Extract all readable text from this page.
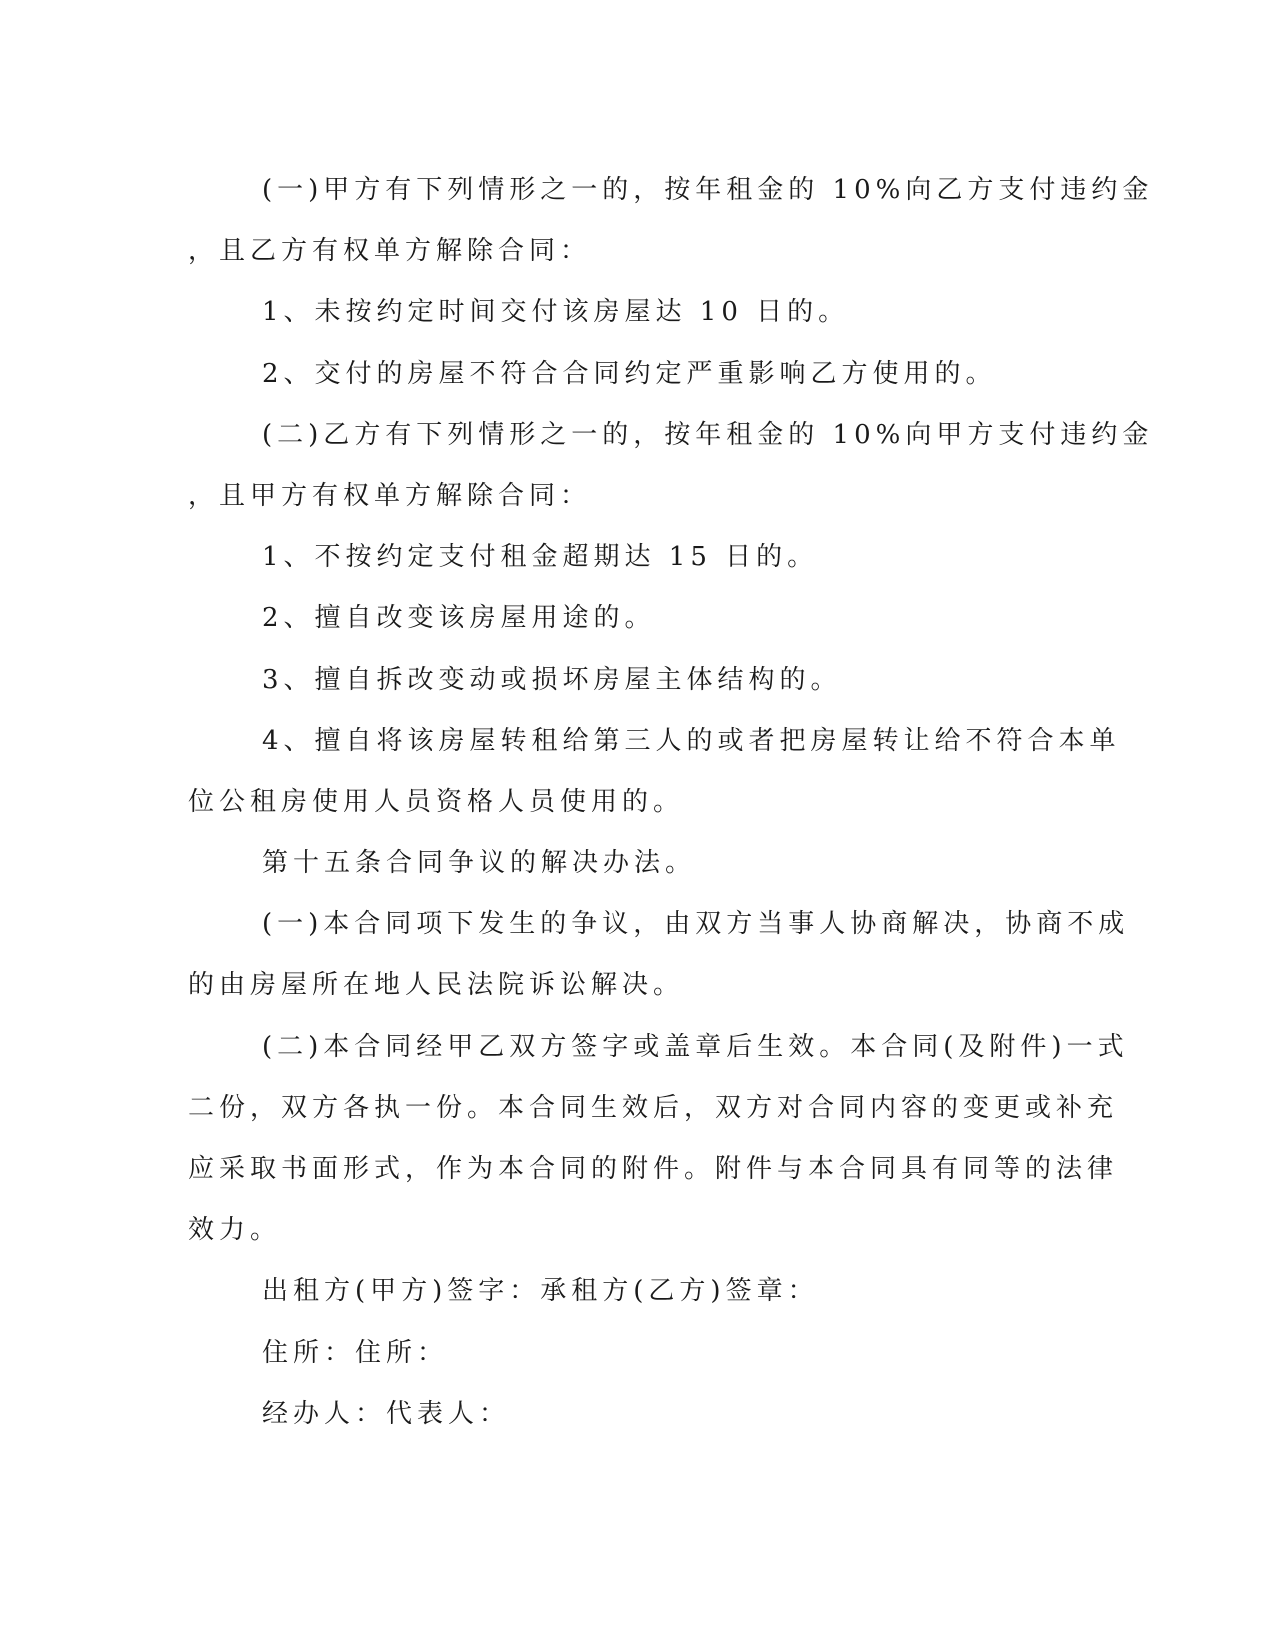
(一)甲方有下列情形之一的，按年租金的 10%向乙方支付违约金
，且乙方有权单方解除合同：
1、未按约定时间交付该房屋达 10 日的。
2、交付的房屋不符合合同约定严重影响乙方使用的。
(二)乙方有下列情形之一的，按年租金的 10%向甲方支付违约金
，且甲方有权单方解除合同：
1、不按约定支付租金超期达 15 日的。
2、擅自改变该房屋用途的。
3、擅自拆改变动或损坏房屋主体结构的。
4、擅自将该房屋转租给第三人的或者把房屋转让给不符合本单
位公租房使用人员资格人员使用的。
第十五条合同争议的解决办法。
(一)本合同项下发生的争议，由双方当事人协商解决，协商不成
的由房屋所在地人民法院诉讼解决。
(二)本合同经甲乙双方签字或盖章后生效。本合同(及附件)一式
二份，双方各执一份。本合同生效后，双方对合同内容的变更或补充
应采取书面形式，作为本合同的附件。附件与本合同具有同等的法律
效力。
出租方(甲方)签字：承租方(乙方)签章：
住所：住所：
经办人：代表人：
